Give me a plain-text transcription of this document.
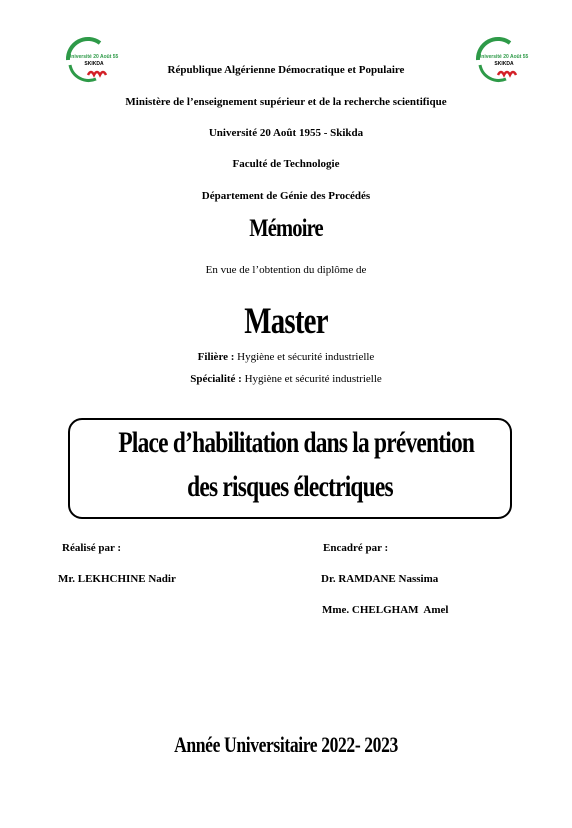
Université 20 Août 55
SKIKDA
Université 20 Août 55
SKIKDA
République Algérienne Démocratique et Populaire
Ministère de l’enseignement supérieur et de la recherche scientifique
Université 20 Août 1955 - Skikda
Faculté de Technologie
Département de Génie des Procédés
Mémoire
En vue de l’obtention du diplôme de
Master
Filière : Hygiène et sécurité industrielle
Spécialité : Hygiène et sécurité industrielle
Place d’habilitation dans la prévention
des risques électriques
Réalisé par :	Encadré par :
Mr. LEKHCHINE Nadir	Dr. RAMDANE Nassima
Mme. CHELGHAM  Amel
Année Universitaire 2022- 2023
